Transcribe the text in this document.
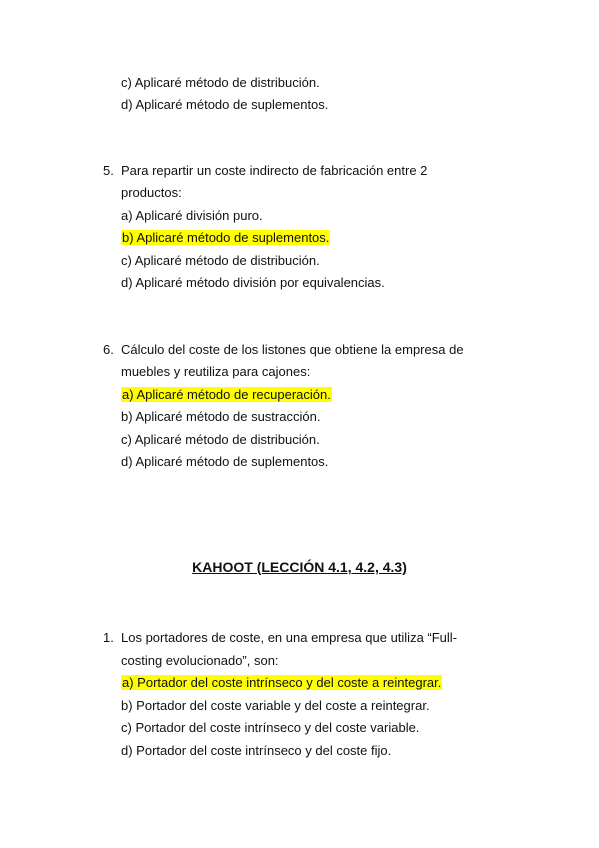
c) Aplicaré método de distribución.
d) Aplicaré método de suplementos.
5. Para repartir un coste indirecto de fabricación entre 2
productos:
a) Aplicaré división puro.
b) Aplicaré método de suplementos.
c) Aplicaré método de distribución.
d) Aplicaré método división por equivalencias.
6. Cálculo del coste de los listones que obtiene la empresa de
muebles y reutiliza para cajones:
a) Aplicaré método de recuperación.
b) Aplicaré método de sustracción.
c) Aplicaré método de distribución.
d) Aplicaré método de suplementos.
KAHOOT (LECCIÓN 4.1, 4.2, 4.3)
1. Los portadores de coste, en una empresa que utiliza “Full-
costing evolucionado”, son:
a) Portador del coste intrínseco y del coste a reintegrar.
b) Portador del coste variable y del coste a reintegrar.
c) Portador del coste intrínseco y del coste variable.
d) Portador del coste intrínseco y del coste fijo.
